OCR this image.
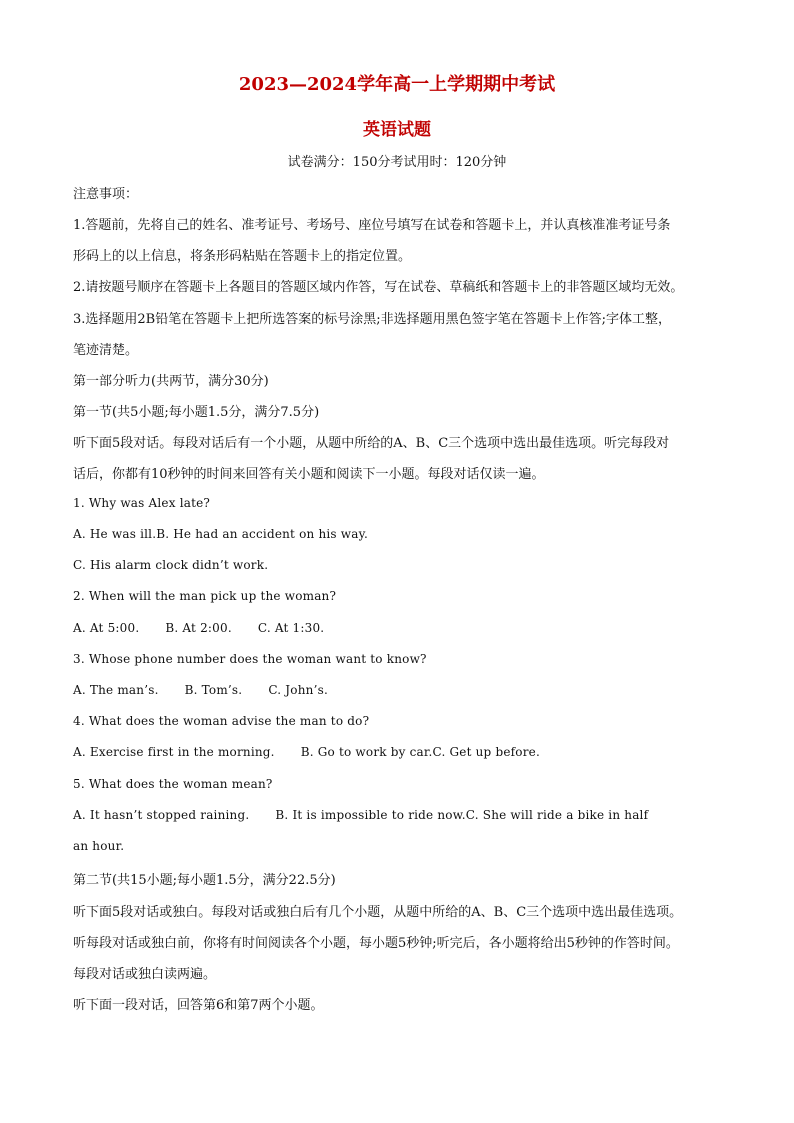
2023—2024学年高一上学期期中考试
英语试题
试卷满分：150分考试用时：120分钟
注意事项：
1.答题前，先将自己的姓名、准考证号、考场号、座位号填写在试卷和答题卡上，并认真核准准考证号条
形码上的以上信息，将条形码粘贴在答题卡上的指定位置。
2.请按题号顺序在答题卡上各题目的答题区域内作答，写在试卷、草稿纸和答题卡上的非答题区域均无效。
3.选择题用2B铅笔在答题卡上把所选答案的标号涂黑;非选择题用黑色签字笔在答题卡上作答;字体工整，
笔迹清楚。
第一部分听力(共两节，满分30分)
第一节(共5小题;每小题1.5分，满分7.5分)
听下面5段对话。每段对话后有一个小题，从题中所给的A、B、C三个选项中选出最佳选项。听完每段对
话后，你都有10秒钟的时间来回答有关小题和阅读下一小题。每段对话仅读一遍。
1. Why was Alex late?
A. He was ill.B. He had an accident on his way.
C. His alarm clock didn’t work.
2. When will the man pick up the woman?
A. At 5:00. B. At 2:00. C. At 1:30.
3. Whose phone number does the woman want to know?
A. The man’s. B. Tom’s. C. John’s.
4. What does the woman advise the man to do?
A. Exercise first in the morning. B. Go to work by car.C. Get up before.
5. What does the woman mean?
A. It hasn’t stopped raining. B. It is impossible to ride now.C. She will ride a bike in half
an hour.
第二节(共15小题;每小题1.5分，满分22.5分)
听下面5段对话或独白。每段对话或独白后有几个小题，从题中所给的A、B、C三个选项中选出最佳选项。
听每段对话或独白前，你将有时间阅读各个小题，每小题5秒钟;听完后，各小题将给出5秒钟的作答时间。
每段对话或独白读两遍。
听下面一段对话，回答第6和第7两个小题。
